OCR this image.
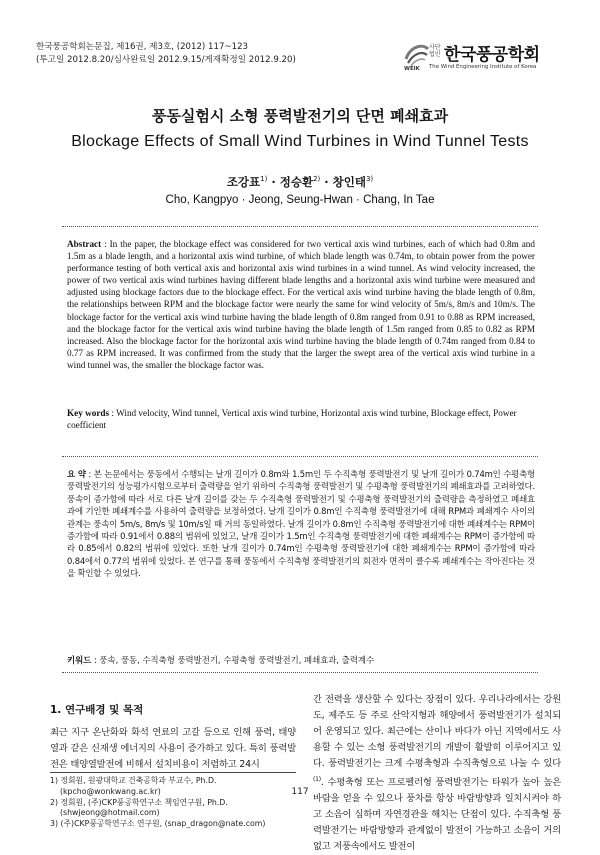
한국풍공학회논문집, 제16권, 제3호, (2012) 117~123
(투고일 2012.8.20/심사완료일 2012.9.15/게재확정일 2012.9.20)
WEIK
사단
법인 한국풍공학회
The Wind Engineering Institute of Korea
풍동실험시 소형 풍력발전기의 단면 폐쇄효과
Blockage Effects of Small Wind Turbines in Wind Tunnel Tests
조강표$^{1)}$ · 정승환$^{2)}$ · 창인태$^{3)}$
Cho, Kangpyo · Jeong, Seung-Hwan · Chang, In Tae
Abstract : In the paper, the blockage effect was considered for two vertical axis wind turbines, each of which had 0.8m and 1.5m as a blade length, and a horizontal axis wind turbine, of which blade length was 0.74m, to obtain power from the power performance testing of both vertical axis and horizontal axis wind turbines in a wind tunnel. As wind velocity increased, the power of two vertical axis wind turbines having different blade lengths and a horizontal axis wind turbine were measured and adjusted using blockage factors due to the blockage effect. For the vertical axis wind turbine having the blade length of 0.8m, the relationships between RPM and the blockage factor were nearly the same for wind velocity of 5m/s, 8m/s and 10m/s. The blockage factor for the vertical axis wind turbine having the blade length of 0.8m ranged from 0.91 to 0.88 as RPM increased, and the blockage factor for the vertical axis wind turbine having the blade length of 1.5m ranged from 0.85 to 0.82 as RPM increased. Also the blockage factor for the horizontal axis wind turbine having the blade length of 0.74m ranged from 0.84 to 0.77 as RPM increased. It was confirmed from the study that the larger the swept area of the vertical axis wind turbine in a wind tunnel was, the smaller the blockage factor was.
Key words : Wind velocity, Wind tunnel, Vertical axis wind turbine, Horizontal axis wind turbine, Blockage effect, Power coefficient
요 약 : 본 논문에서는 풍동에서 수행되는 날개 길이가 0.8m와 1.5m인 두 수직축형 풍력발전기 및 날개 길이가 0.74m인 수평축형 풍력발전기의 성능평가시험으로부터 출력량을 얻기 위하여 수직축형 풍력발전기 및 수평축형 풍력발전기의 폐쇄효과를 고려하였다. 풍속이 증가함에 따라 서로 다른 날개 길이를 갖는 두 수직축형 풍력발전기 및 수평축형 풍력발전기의 출력량을 측정하였고 폐쇄효과에 기인한 폐쇄계수를 사용하여 출력량을 보정하였다. 날개 길이가 0.8m인 수직축형 풍력발전기에 대해 RPM과 폐쇄계수 사이의 관계는 풍속이 5m/s, 8m/s 및 10m/s일 때 거의 동일하였다. 날개 길이가 0.8m인 수직축형 풍력발전기에 대한 폐쇄계수는 RPM이 증가함에 따라 0.91에서 0.88의 범위에 있었고, 날개 길이가 1.5m인 수직축형 풍력발전기에 대한 폐쇄계수는 RPM이 증가함에 따라 0.85에서 0.82의 범위에 있었다. 또한 날개 길이가 0.74m인 수평축형 풍력발전기에 대한 폐쇄계수는 RPM이 증가함에 따라 0.84에서 0.77의 범위에 있었다. 본 연구를 통해 풍동에서 수직축형 풍력발전기의 회전자 면적이 클수록 폐쇄계수는 작아진다는 것을 확인할 수 있었다.
키워드 : 풍속, 풍동, 수직축형 풍력발전기, 수평축형 풍력발전기, 폐쇄효과, 출력계수
1. 연구배경 및 목적
최근 지구 온난화와 화석 연료의 고갈 등으로 인해 풍력, 태양열과 같은 신재생 에너지의 사용이 증가하고 있다. 특히 풍력발전은 태양열발전에 비해서 설치비용이 저렴하고 24시
간 전력을 생산할 수 있다는 장점이 있다. 우리나라에서는 강원도, 제주도 등 주로 산악지형과 해양에서 풍력발전기가 설치되어 운영되고 있다. 최근에는 산이나 바다가 아닌 지역에서도 사용할 수 있는 소형 풍력발전기의 개발이 활발히 이루어지고 있다. 풍력발전기는 크게 수평축형과 수직축형으로 나눌 수 있다$^{(1)}$. 수평축형 또는 프로펠러형 풍력발전기는 타워가 높아 높은 바람을 얻을 수 있으나 풍차를 항상 바람방향과 일치시켜야 하고 소음이 심하며 자연경관을 해치는 단점이 있다. 수직축형 풍력발전기는 바람방향과 관계없이 발전이 가능하고 소음이 거의 없고 저풍속에서도 발전이
1) 정회원, 원광대학교 건축공학과 부교수, Ph.D.
(kpcho@wonkwang.ac.kr)
2) 정회원, (주)CKP풍공학연구소 책임연구원, Ph.D.
(shwjeong@hotmail.com)
3) (주)CKP풍공학연구소 연구원, (snap_dragon@nate.com)
117
